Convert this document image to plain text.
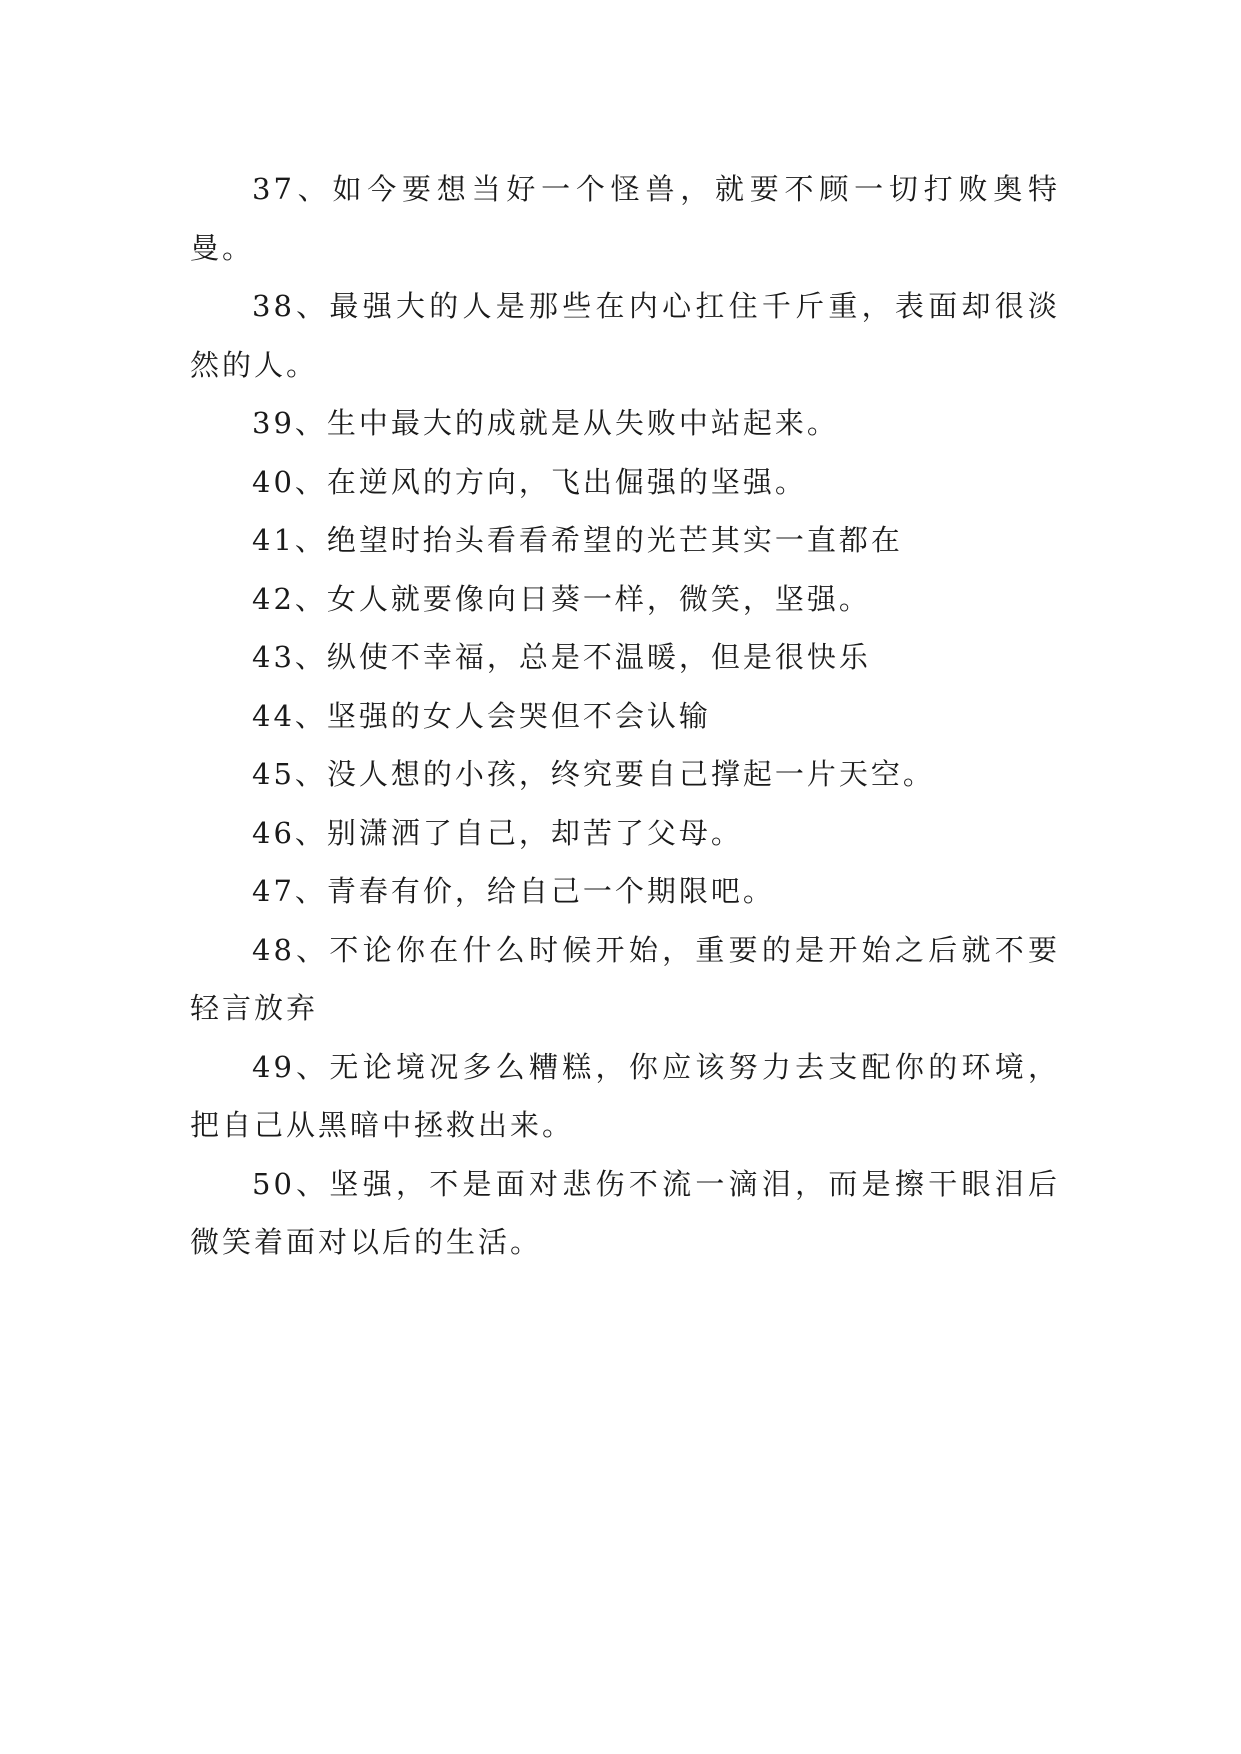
37、如今要想当好一个怪兽，就要不顾一切打败奥特曼。

38、最强大的人是那些在内心扛住千斤重，表面却很淡然的人。

39、生中最大的成就是从失败中站起来。

40、在逆风的方向，飞出倔强的坚强。

41、绝望时抬头看看希望的光芒其实一直都在

42、女人就要像向日葵一样，微笑，坚强。

43、纵使不幸福，总是不温暖，但是很快乐

44、坚强的女人会哭但不会认输

45、没人想的小孩，终究要自己撑起一片天空。

46、别潇洒了自己，却苦了父母。

47、青春有价，给自己一个期限吧。

48、不论你在什么时候开始，重要的是开始之后就不要轻言放弃

49、无论境况多么糟糕，你应该努力去支配你的环境，把自己从黑暗中拯救出来。

50、坚强，不是面对悲伤不流一滴泪，而是擦干眼泪后微笑着面对以后的生活。
